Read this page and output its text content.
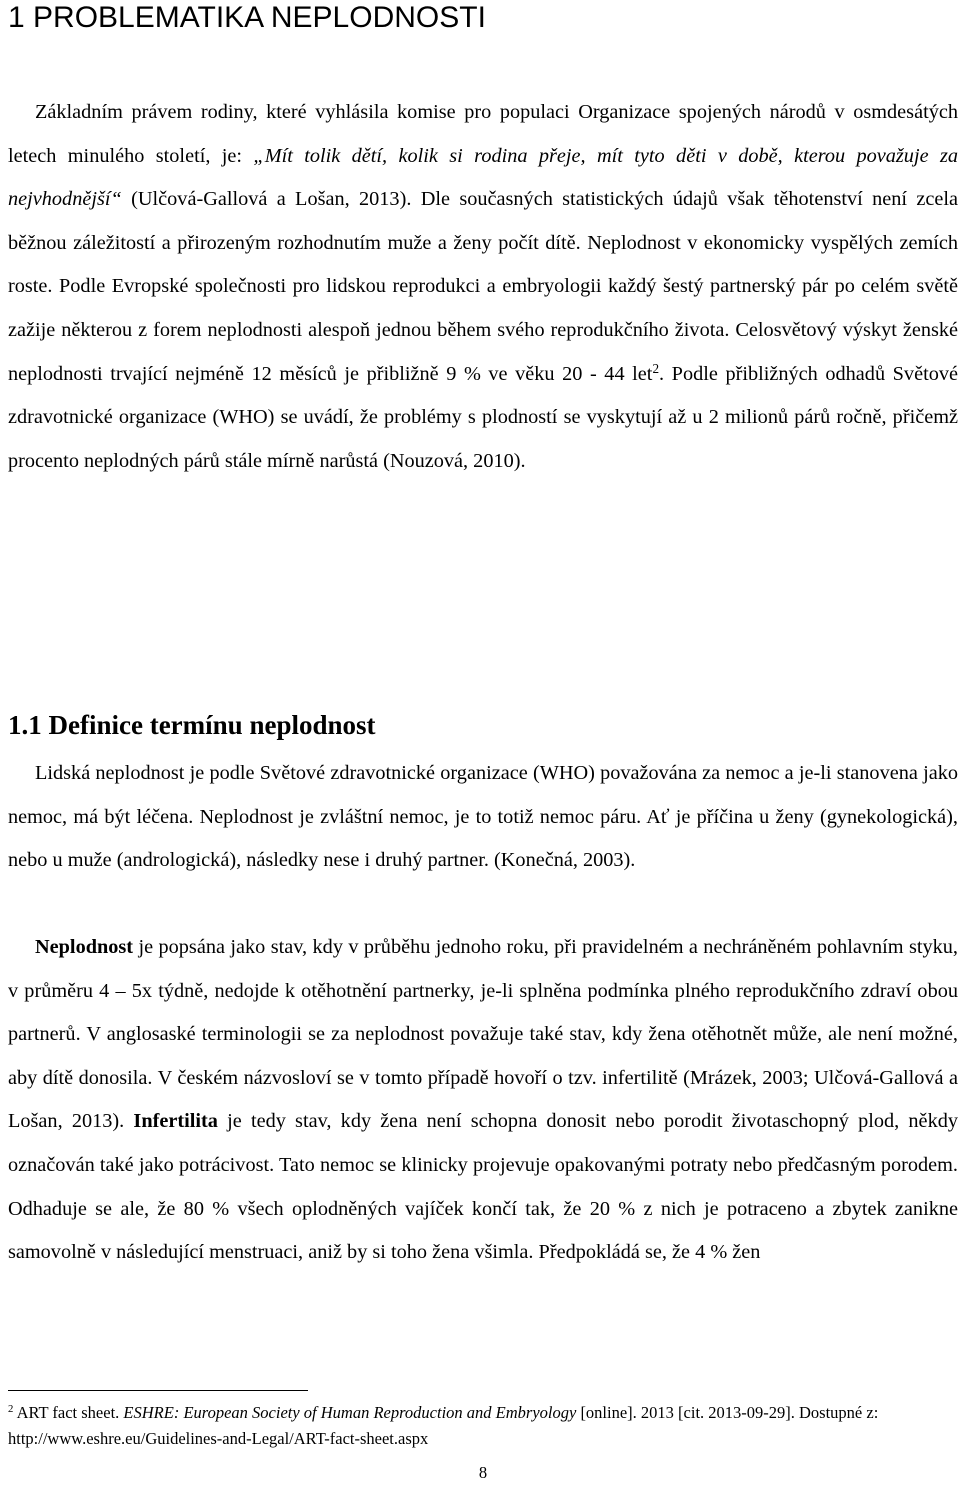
1 PROBLEMATIKA NEPLODNOSTI

Základním právem rodiny, které vyhlásila komise pro populaci Organizace spojených národů v osmdesátých letech minulého století, je: „Mít tolik dětí, kolik si rodina přeje, mít tyto děti v době, kterou považuje za nejvhodnější“ (Ulčová-Gallová a Lošan, 2013). Dle současných statistických údajů však těhotenství není zcela běžnou záležitostí a přirozeným rozhodnutím muže a ženy počít dítě. Neplodnost v ekonomicky vyspělých zemích roste. Podle Evropské společnosti pro lidskou reprodukci a embryologii každý šestý partnerský pár po celém světě zažije některou z forem neplodnosti alespoň jednou během svého reprodukčního života. Celosvětový výskyt ženské neplodnosti trvající nejméně 12 měsíců je přibližně 9 % ve věku 20 - 44 let$^2$. Podle přibližných odhadů Světové zdravotnické organizace (WHO) se uvádí, že problémy s plodností se vyskytují až u 2 milionů párů ročně, přičemž procento neplodných párů stále mírně narůstá (Nouzová, 2010).

1.1 Definice termínu neplodnost

Lidská neplodnost je podle Světové zdravotnické organizace (WHO) považována za nemoc a je-li stanovena jako nemoc, má být léčena. Neplodnost je zvláštní nemoc, je to totiž nemoc páru. Ať je příčina u ženy (gynekologická), nebo u muže (andrologická), následky nese i druhý partner. (Konečná, 2003).

Neplodnost je popsána jako stav, kdy v průběhu jednoho roku, při pravidelném a nechráněném pohlavním styku, v průměru 4 – 5x týdně, nedojde k otěhotnění partnerky, je-li splněna podmínka plného reprodukčního zdraví obou partnerů. V anglosaské terminologii se za neplodnost považuje také stav, kdy žena otěhotnět může, ale není možné, aby dítě donosila. V českém názvosloví se v tomto případě hovoří o tzv. infertilitě (Mrázek, 2003; Ulčová-Gallová a Lošan, 2013). Infertilita je tedy stav, kdy žena není schopna donosit nebo porodit životaschopný plod, někdy označován také jako potrácivost. Tato nemoc se klinicky projevuje opakovanými potraty nebo předčasným porodem. Odhaduje se ale, že 80 % všech oplodněných vajíček končí tak, že 20 % z nich je potraceno a zbytek zanikne samovolně v následující menstruaci, aniž by si toho žena všimla. Předpokládá se, že 4 % žen

$^2$ ART fact sheet. ESHRE: European Society of Human Reproduction and Embryology [online]. 2013 [cit. 2013-09-29]. Dostupné z: http://www.eshre.eu/Guidelines-and-Legal/ART-fact-sheet.aspx

8
